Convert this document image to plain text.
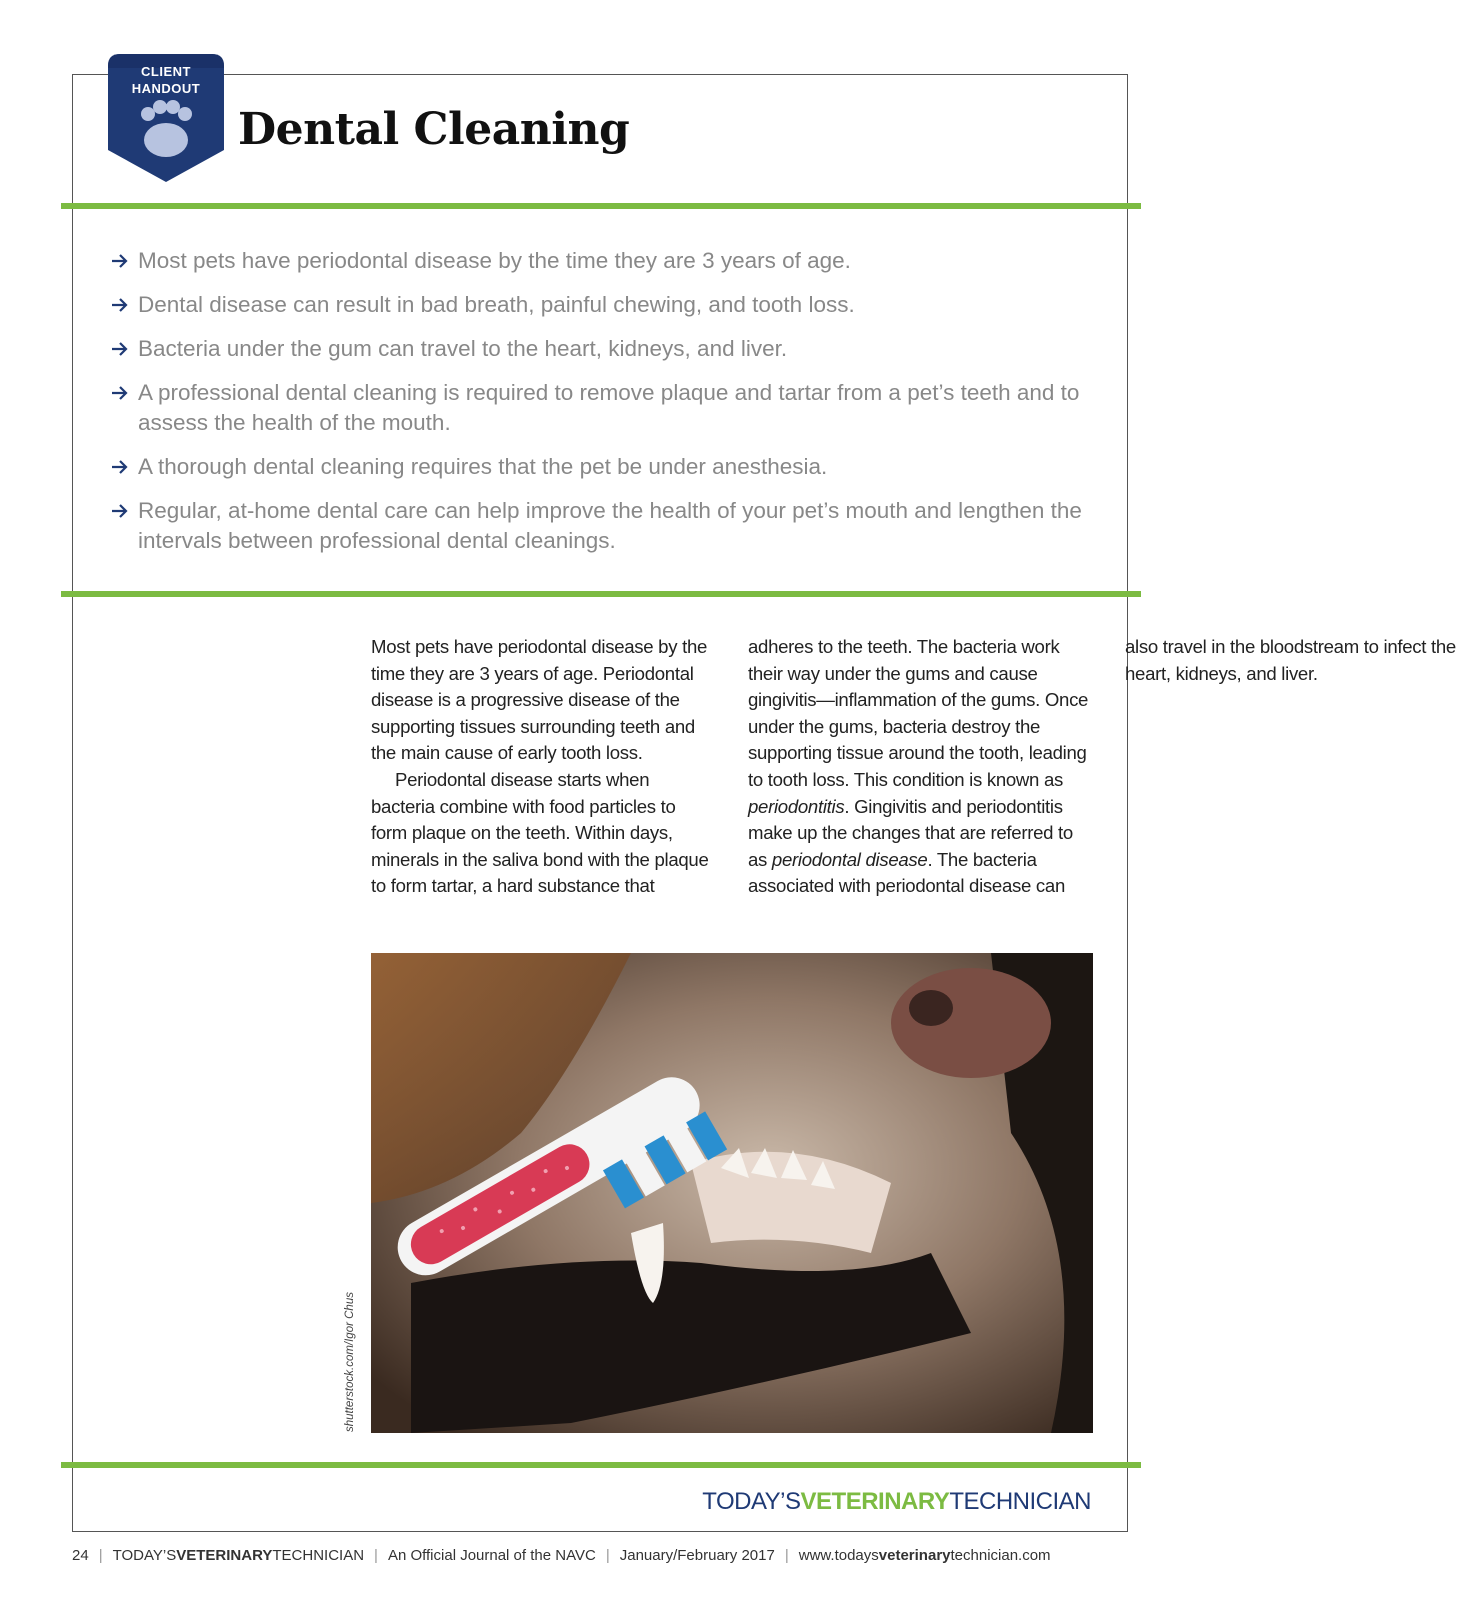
CLIENT
HANDOUT
Dental Cleaning
Most pets have periodontal disease by the time they are 3 years of age.
Dental disease can result in bad breath, painful chewing, and tooth loss.
Bacteria under the gum can travel to the heart, kidneys, and liver.
A professional dental cleaning is required to remove plaque and tartar from a pet’s teeth and to assess the health of the mouth.
A thorough dental cleaning requires that the pet be under anesthesia.
Regular, at-home dental care can help improve the health of your pet’s mouth and lengthen the intervals between professional dental cleanings.

Most pets have periodontal disease by the time they are 3 years of age. Periodontal disease is a progressive disease of the supporting tissues surrounding teeth and the main cause of early tooth loss.

Periodontal disease starts when bacteria combine with food particles to form plaque on the teeth. Within days, minerals in the saliva bond with the plaque to form tartar, a hard substance that adheres to the teeth. The bacteria work their way under the gums and cause gingivitis—inflammation of the gums. Once under the gums, bacteria destroy the supporting tissue around the tooth, leading to tooth loss. This condition is known as periodontitis. Gingivitis and periodontitis make up the changes that are referred to as periodontal disease. The bacteria associated with periodontal disease can also travel in the bloodstream to infect the heart, kidneys, and liver.

shutterstock.com/Igor Chus
TODAY’SVETERINARYTECHNICIAN
24 | TODAY’SVETERINARYTECHNICIAN | An Official Journal of the NAVC | January/February 2017 | www.todaysveterinarytechnician.com
